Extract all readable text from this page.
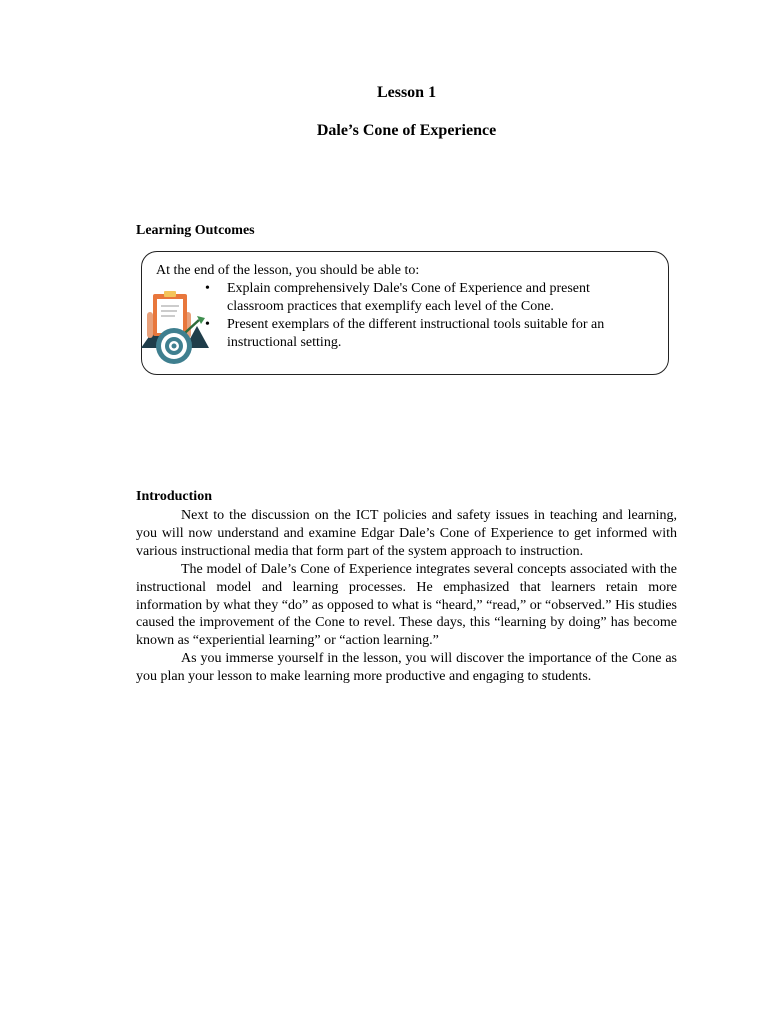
Lesson 1
Dale’s Cone of Experience
Learning Outcomes
At the end of the lesson, you should be able to:
• Explain comprehensively Dale's Cone of Experience and present classroom practices that exemplify each level of the Cone.
• Present exemplars of the different instructional tools suitable for an instructional setting.
Introduction

Next to the discussion on the ICT policies and safety issues in teaching and learning, you will now understand and examine Edgar Dale’s Cone of Experience to get informed with various instructional media that form part of the system approach to instruction.

The model of Dale’s Cone of Experience integrates several concepts associated with the instructional model and learning processes. He emphasized that learners retain more information by what they “do” as opposed to what is “heard,” “read,” or “observed.” His studies caused the improvement of the Cone to revel. These days, this “learning by doing” has become known as “experiential learning” or “action learning.”

As you immerse yourself in the lesson, you will discover the importance of the Cone as you plan your lesson to make learning more productive and engaging to students.
